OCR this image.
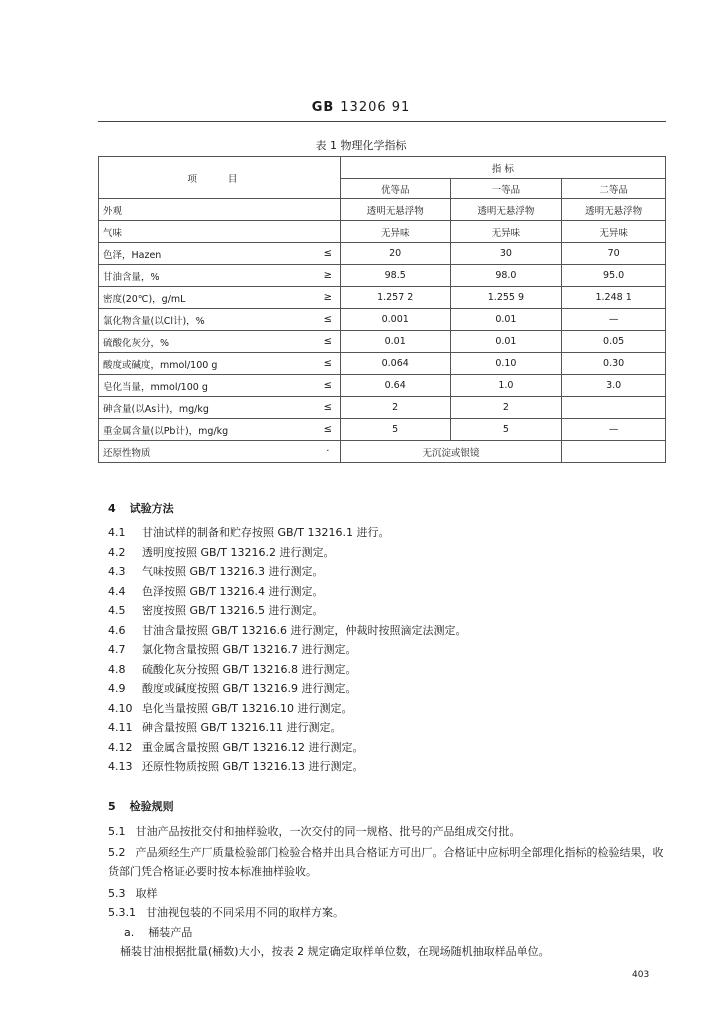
GB 13206 91
表 1 物理化学指标
项 目		指 标		
		优等品	一等品	二等品
外观		透明无悬浮物	透明无悬浮物	透明无悬浮物
气味		无异味	无异味	无异味
色泽，Hazen	≤	20	30	70
甘油含量，%	≥	98.5	98.0	95.0
密度(20℃)，g/mL	≥	1.257 2	1.255 9	1.248 1
氯化物含量(以Cl计)，%	≤	0.001	0.01	—
硫酸化灰分，%	≤	0.01	0.01	0.05
酸度或碱度，mmol/100 g	≤	0.064	0.10	0.30
皂化当量，mmol/100 g	≤	0.64	1.0	3.0
砷含量(以As计)，mg/kg	≤	2	2	
重金属含量(以Pb计)，mg/kg	≤	5	5	—
还原性物质	·	无沉淀或银镜		
4 试验方法
4.1 甘油试样的制备和贮存按照 GB/T 13216.1 进行。
4.2 透明度按照 GB/T 13216.2 进行测定。
4.3 气味按照 GB/T 13216.3 进行测定。
4.4 色泽按照 GB/T 13216.4 进行测定。
4.5 密度按照 GB/T 13216.5 进行测定。
4.6 甘油含量按照 GB/T 13216.6 进行测定，仲裁时按照滴定法测定。
4.7 氯化物含量按照 GB/T 13216.7 进行测定。
4.8 硫酸化灰分按照 GB/T 13216.8 进行测定。
4.9 酸度或碱度按照 GB/T 13216.9 进行测定。
4.10 皂化当量按照 GB/T 13216.10 进行测定。
4.11 砷含量按照 GB/T 13216.11 进行测定。
4.12 重金属含量按照 GB/T 13216.12 进行测定。
4.13 还原性物质按照 GB/T 13216.13 进行测定。
5 检验规则
5.1 甘油产品按批交付和抽样验收，一次交付的同一规格、批号的产品组成交付批。
5.2 产品须经生产厂质量检验部门检验合格并出具合格证方可出厂。合格证中应标明全部理化指标的检验结果，收货部门凭合格证必要时按本标准抽样验收。
5.3 取样
5.3.1 甘油视包装的不同采用不同的取样方案。
a. 桶装产品
桶装甘油根据批量(桶数)大小，按表 2 规定确定取样单位数，在现场随机抽取样品单位。
403
